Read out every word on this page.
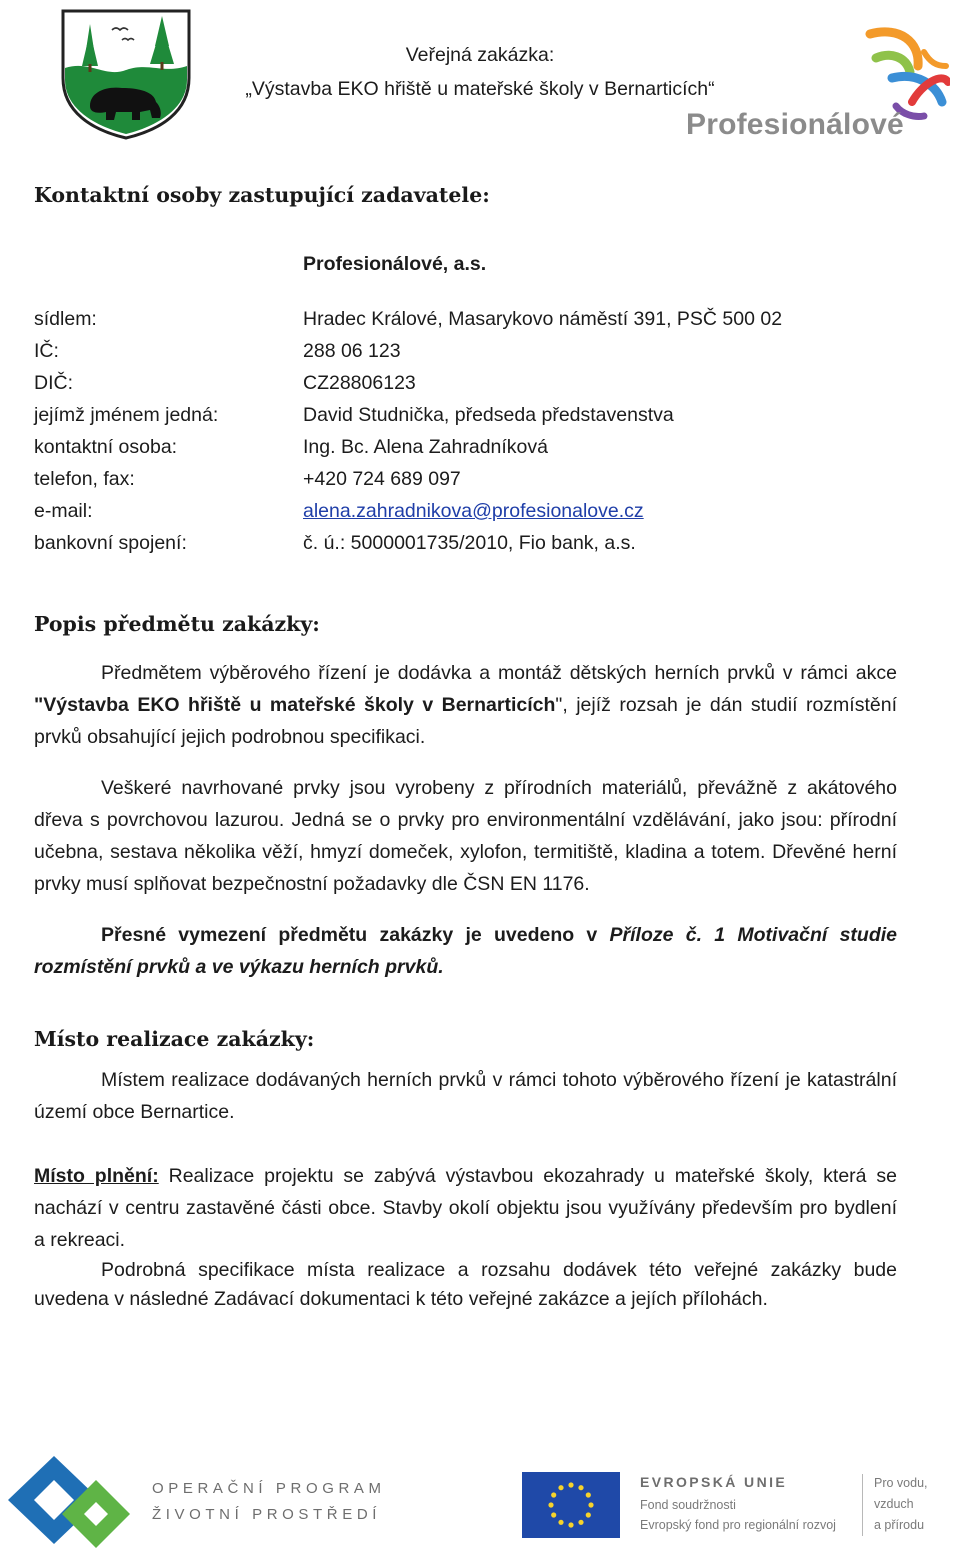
Veřejná zakázka:
„Výstavba EKO hřiště u mateřské školy v Bernarticích“
Profesionálové
Kontaktní osoby zastupující zadavatele:
Profesionálové, a.s.
sídlem:	Hradec Králové, Masarykovo náměstí 391, PSČ 500 02
IČ:	288 06 123
DIČ:	CZ28806123
jejímž jménem jedná:	David Studnička, předseda představenstva
kontaktní osoba:	Ing. Bc. Alena Zahradníková
telefon, fax:	+420 724 689 097
e-mail:	alena.zahradnikova@profesionalove.cz
bankovní spojení:	č. ú.: 5000001735/2010, Fio bank, a.s.
Popis předmětu zakázky:
Předmětem výběrového řízení je dodávka a montáž dětských herních prvků v rámci akce "Výstavba EKO hřiště u mateřské školy v Bernarticích", jejíž rozsah je dán studií rozmístění prvků obsahující jejich podrobnou specifikaci.
Veškeré navrhované prvky jsou vyrobeny z přírodních materiálů, převážně z akátového dřeva s povrchovou lazurou. Jedná se o prvky pro environmentální vzdělávání, jako jsou: přírodní učebna, sestava několika věží, hmyzí domeček, xylofon, termitiště, kladina a totem. Dřevěné herní prvky musí splňovat bezpečnostní požadavky dle ČSN EN 1176.
Přesné vymezení předmětu zakázky je uvedeno v Příloze č. 1 Motivační studie rozmístění prvků a ve výkazu herních prvků.
Místo realizace zakázky:
Místem realizace dodávaných herních prvků v rámci tohoto výběrového řízení je katastrální území obce Bernartice.
Místo plnění: Realizace projektu se zabývá výstavbou ekozahrady u mateřské školy, která se nachází v centru zastavěné části obce. Stavby okolí objektu jsou využívány především pro bydlení a rekreaci.
Podrobná specifikace místa realizace a rozsahu dodávek této veřejné zakázky bude uvedena v následné Zadávací dokumentaci k této veřejné zakázce a jejích přílohách.
OPERAČNÍ PROGRAM
ŽIVOTNÍ PROSTŘEDÍ
EVROPSKÁ UNIE
Fond soudržnosti
Evropský fond pro regionální rozvoj
Pro vodu,
vzduch
a přírodu
